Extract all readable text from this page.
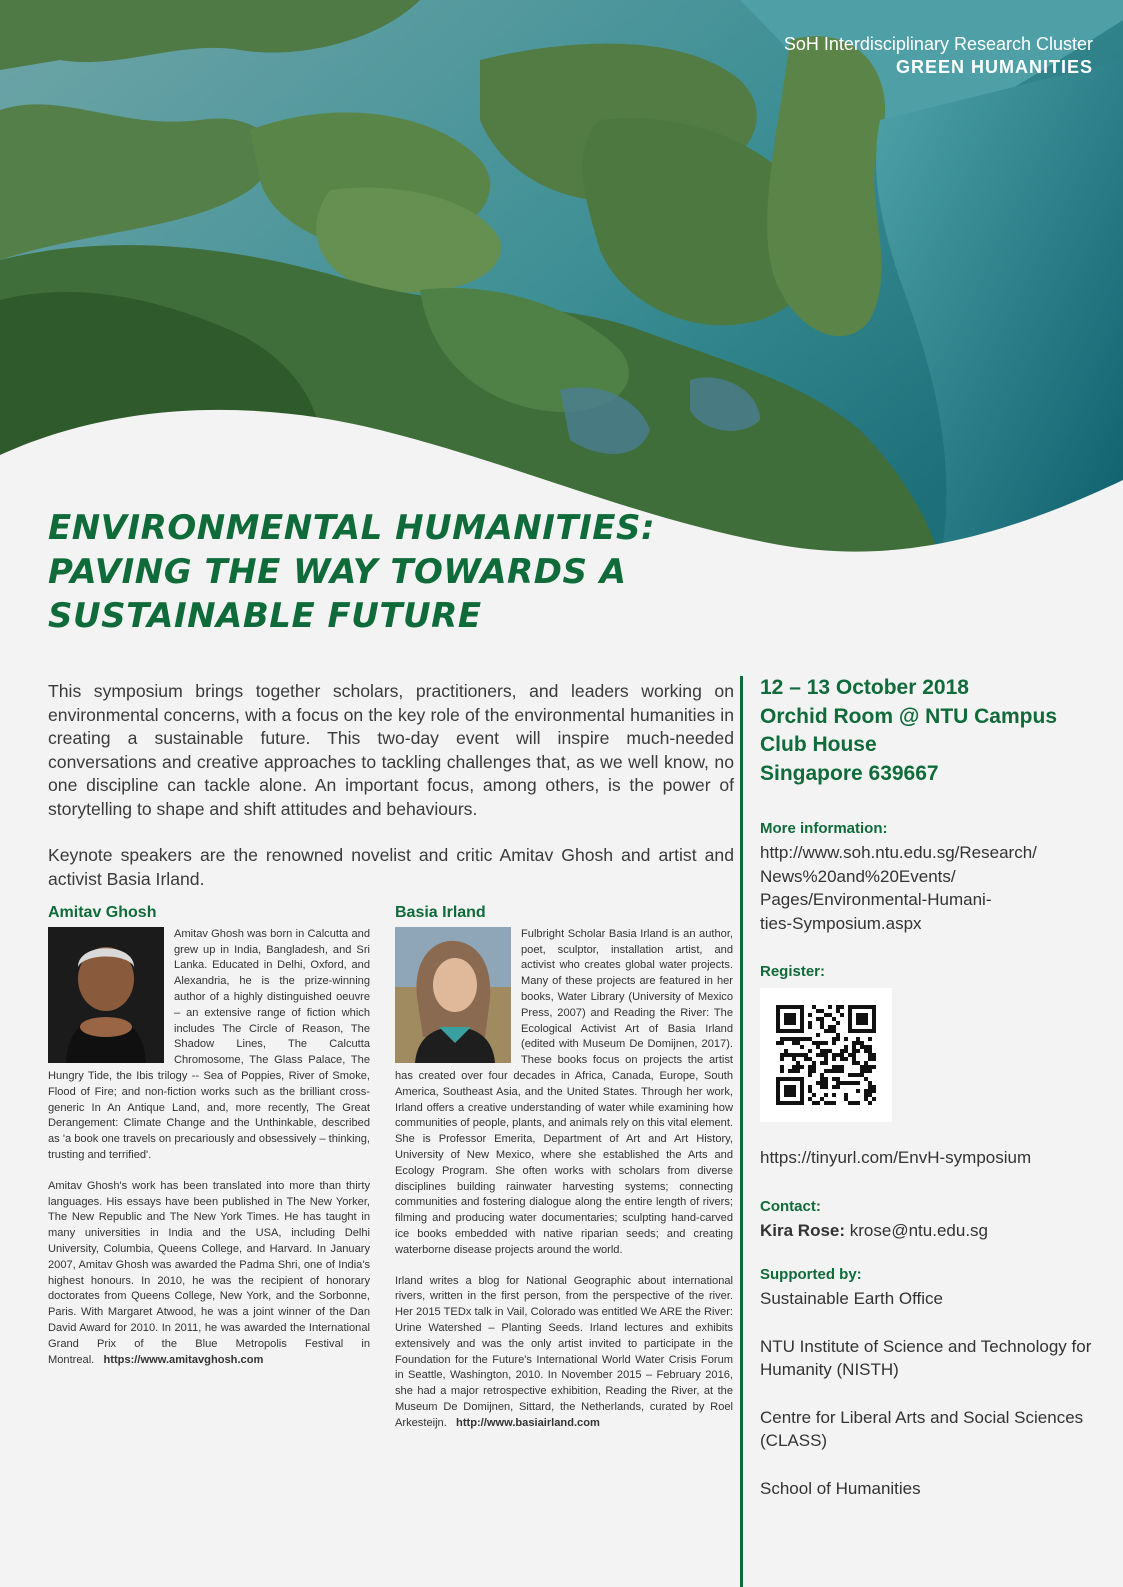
SoH Interdisciplinary Research Cluster
GREEN HUMANITIES
ENVIRONMENTAL HUMANITIES:
PAVING THE WAY TOWARDS A
SUSTAINABLE FUTURE

This symposium brings together scholars, practitioners, and leaders working on environmental concerns, with a focus on the key role of the environmental humanities in creating a sustainable future. This two-day event will inspire much-needed conversations and creative approaches to tackling challenges that, as we well know, no one discipline can tackle alone. An important focus, among others, is the power of storytelling to shape and shift attitudes and behaviours.

Keynote speakers are the renowned novelist and critic Amitav Ghosh and artist and activist Basia Irland.

Amitav Ghosh

Amitav Ghosh was born in Calcutta and grew up in India, Bangladesh, and Sri Lanka. Educated in Delhi, Oxford, and Alexandria, he is the prize-winning author of a highly distinguished oeuvre – an extensive range of fiction which includes The Circle of Reason, The Shadow Lines, The Calcutta Chromosome, The Glass Palace, The Hungry Tide, the Ibis trilogy -- Sea of Poppies, River of Smoke, Flood of Fire; and non-fiction works such as the brilliant cross-generic In An Antique Land, and, more recently, The Great Derangement: Climate Change and the Unthinkable, described as 'a book one travels on precariously and obsessively – thinking, trusting and terrified'.

Amitav Ghosh's work has been translated into more than thirty languages. His essays have been published in The New Yorker, The New Republic and The New York Times. He has taught in many universities in India and the USA, including Delhi University, Columbia, Queens College, and Harvard. In January 2007, Amitav Ghosh was awarded the Padma Shri, one of India's highest honours. In 2010, he was the recipient of honorary doctorates from Queens College, New York, and the Sorbonne, Paris. With Margaret Atwood, he was a joint winner of the Dan David Award for 2010. In 2011, he was awarded the International Grand Prix of the Blue Metropolis Festival in Montreal. https://www.amitavghosh.com

Basia Irland

Fulbright Scholar Basia Irland is an author, poet, sculptor, installation artist, and activist who creates global water projects. Many of these projects are featured in her books, Water Library (University of Mexico Press, 2007) and Reading the River: The Ecological Activist Art of Basia Irland (edited with Museum De Domijnen, 2017). These books focus on projects the artist has created over four decades in Africa, Canada, Europe, South America, Southeast Asia, and the United States. Through her work, Irland offers a creative understanding of water while examining how communities of people, plants, and animals rely on this vital element. She is Professor Emerita, Department of Art and Art History, University of New Mexico, where she established the Arts and Ecology Program. She often works with scholars from diverse disciplines building rainwater harvesting systems; connecting communities and fostering dialogue along the entire length of rivers; filming and producing water documentaries; sculpting hand-carved ice books embedded with native riparian seeds; and creating waterborne disease projects around the world.

Irland writes a blog for National Geographic about international rivers, written in the first person, from the perspective of the river. Her 2015 TEDx talk in Vail, Colorado was entitled We ARE the River: Urine Watershed – Planting Seeds. Irland lectures and exhibits extensively and was the only artist invited to participate in the Foundation for the Future's International World Water Crisis Forum in Seattle, Washington, 2010. In November 2015 – February 2016, she had a major retrospective exhibition, Reading the River, at the Museum De Domijnen, Sittard, the Netherlands, curated by Roel Arkesteijn. http://www.basiairland.com

12 – 13 October 2018
Orchid Room @ NTU Campus
Club House
Singapore 639667
More information:
http://www.soh.ntu.edu.sg/Research/
News%20and%20Events/
Pages/Environmental-Humani-
ties-Symposium.aspx
Register:
https://tinyurl.com/EnvH-symposium
Contact:
Kira Rose: krose@ntu.edu.sg
Supported by:
Sustainable Earth Office
NTU Institute of Science and Technology for Humanity (NISTH)
Centre for Liberal Arts and Social Sciences (CLASS)
School of Humanities
